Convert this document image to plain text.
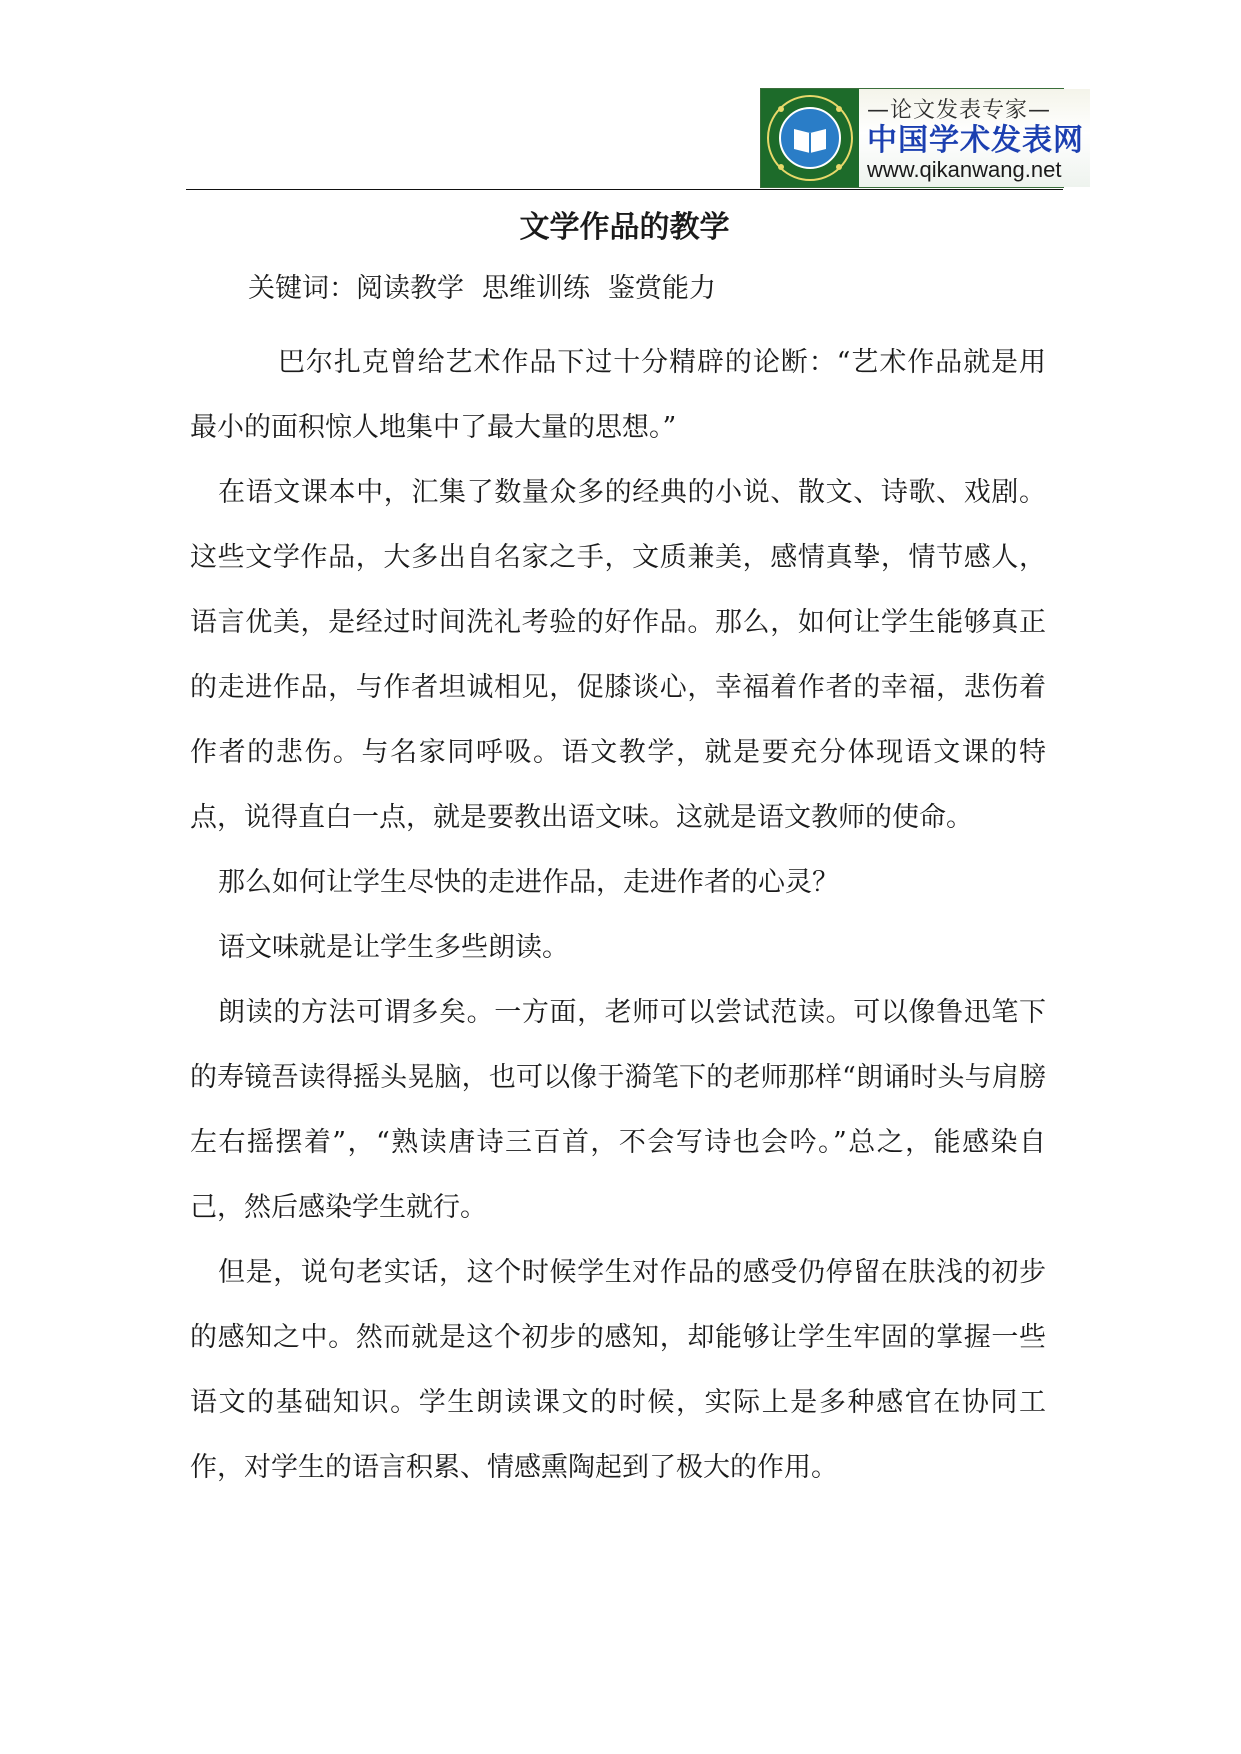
—论文发表专家—
中国学术发表网
www.qikanwang.net
文学作品的教学
关键词：阅读教学 思维训练 鉴赏能力

巴尔扎克曾给艺术作品下过十分精辟的论断：“艺术作品就是用最小的面积惊人地集中了最大量的思想。”

在语文课本中，汇集了数量众多的经典的小说、散文、诗歌、戏剧。这些文学作品，大多出自名家之手，文质兼美，感情真挚，情节感人，语言优美，是经过时间洗礼考验的好作品。那么，如何让学生能够真正的走进作品，与作者坦诚相见，促膝谈心，幸福着作者的幸福，悲伤着作者的悲伤。与名家同呼吸。语文教学，就是要充分体现语文课的特点，说得直白一点，就是要教出语文味。这就是语文教师的使命。

那么如何让学生尽快的走进作品，走进作者的心灵？

语文味就是让学生多些朗读。

朗读的方法可谓多矣。一方面，老师可以尝试范读。可以像鲁迅笔下的寿镜吾读得摇头晃脑，也可以像于漪笔下的老师那样“朗诵时头与肩膀左右摇摆着”，“熟读唐诗三百首，不会写诗也会吟。”总之，能感染自己，然后感染学生就行。

但是，说句老实话，这个时候学生对作品的感受仍停留在肤浅的初步的感知之中。然而就是这个初步的感知，却能够让学生牢固的掌握一些语文的基础知识。学生朗读课文的时候，实际上是多种感官在协同工作，对学生的语言积累、情感熏陶起到了极大的作用。
